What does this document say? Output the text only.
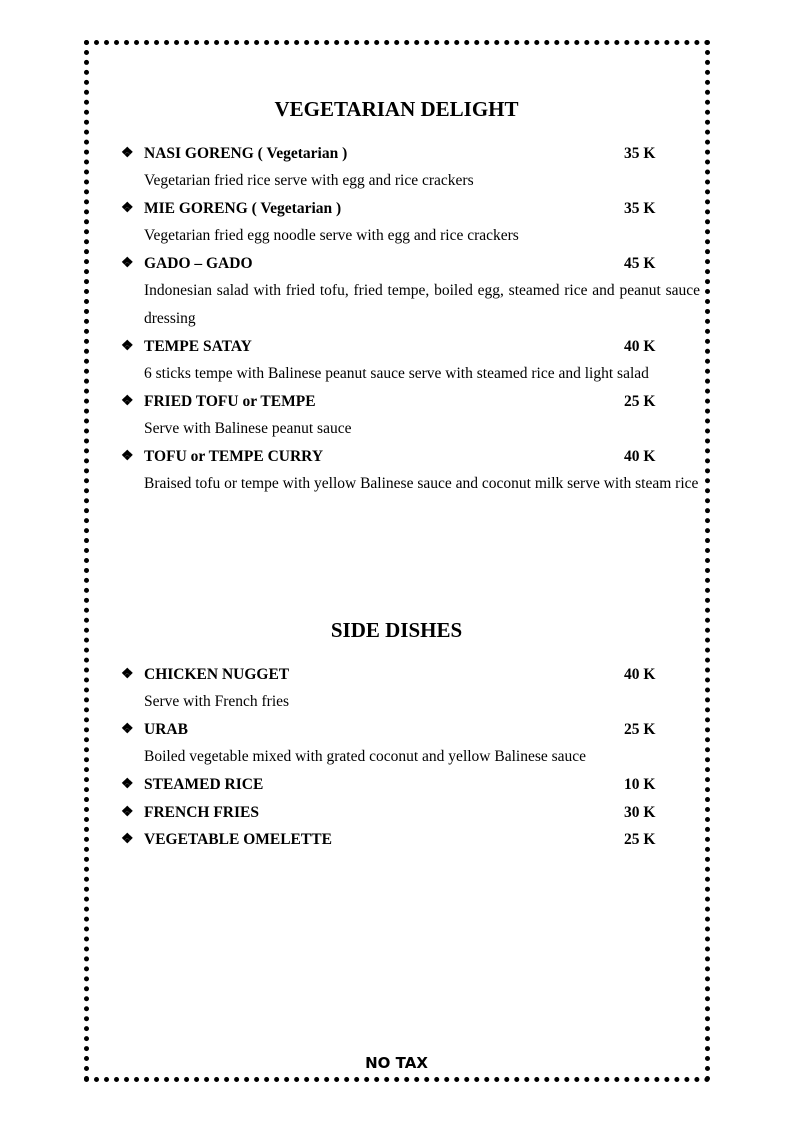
VEGETARIAN DELIGHT
❖ NASI GORENG ( Vegetarian )	35 K
Vegetarian fried rice serve with egg and rice crackers
❖ MIE GORENG ( Vegetarian )	35 K
Vegetarian fried egg noodle serve with egg and rice crackers
❖ GADO – GADO	45 K
Indonesian salad with fried tofu, fried tempe, boiled egg, steamed rice and peanut sauce dressing
❖ TEMPE SATAY	40 K
6 sticks tempe with Balinese peanut sauce serve with steamed rice and light salad
❖ FRIED TOFU or TEMPE	25 K
Serve with Balinese peanut sauce
❖ TOFU or TEMPE CURRY	40 K
Braised tofu or tempe with yellow Balinese sauce and coconut milk serve with steam rice
SIDE DISHES
❖ CHICKEN NUGGET	40 K
Serve with French fries
❖ URAB	25 K
Boiled vegetable mixed with grated coconut and yellow Balinese sauce
❖ STEAMED RICE	10 K
❖ FRENCH FRIES	30 K
❖ VEGETABLE OMELETTE	25 K
NO TAX
